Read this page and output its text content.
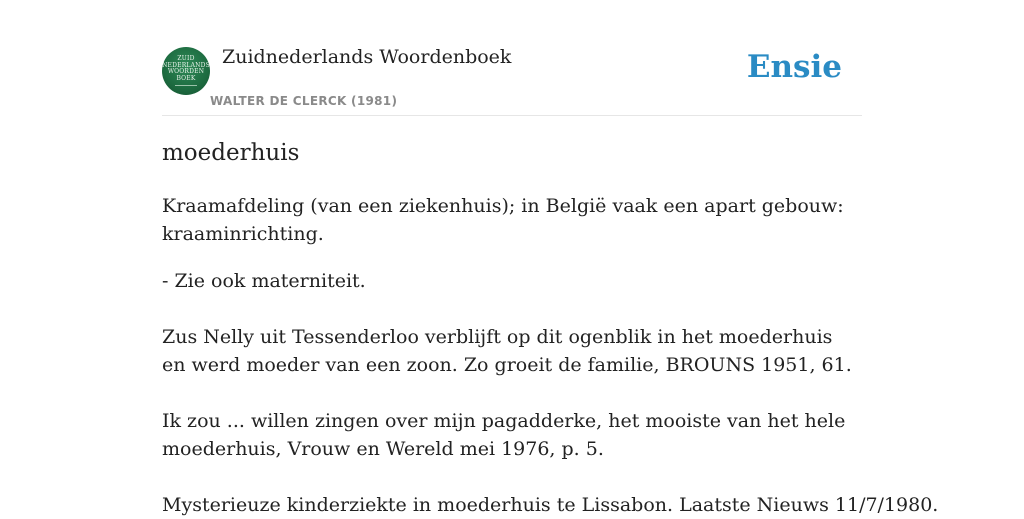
ZUID
NEDERLANDS
WOORDEN
BOEK
Zuidnederlands Woordenboek
WALTER DE CLERCK (1981)
Ensie
moederhuis

Kraamafdeling (van een ziekenhuis); in België vaak een apart gebouw: kraaminrichting.

- Zie ook materniteit.

Zus Nelly uit Tessenderloo verblijft op dit ogenblik in het moederhuis en werd moeder van een zoon. Zo groeit de familie, BROUNS 1951, 61.

Ik zou ... willen zingen over mijn pagadderke, het mooiste van het hele moederhuis, Vrouw en Wereld mei 1976, p. 5.

Mysterieuze kinderziekte in moederhuis te Lissabon. Laatste Nieuws 11/7/1980.
